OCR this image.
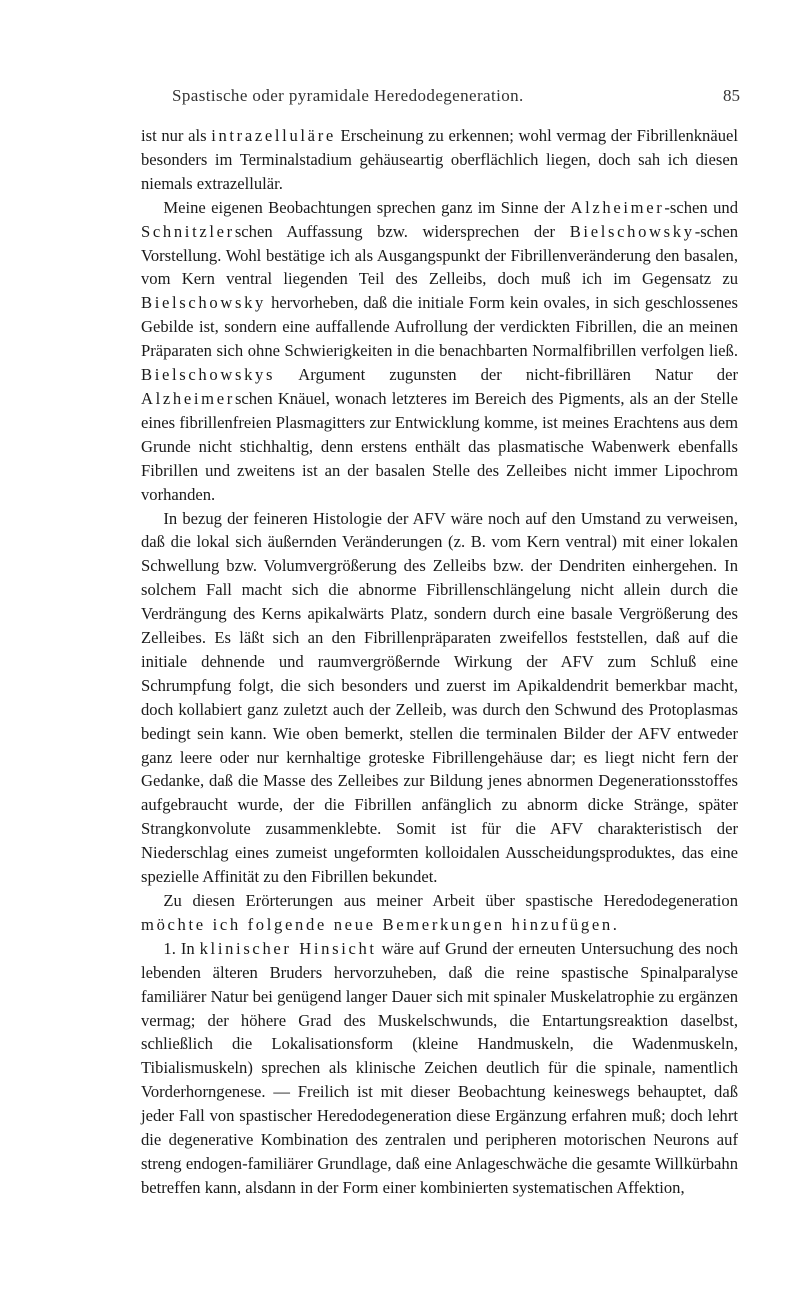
Spastische oder pyramidale Heredodegeneration.	85

ist nur als intrazelluläre Erscheinung zu erkennen; wohl vermag der Fibrillenknäuel besonders im Terminalstadium gehäuseartig oberflächlich liegen, doch sah ich diesen niemals extrazellulär.

Meine eigenen Beobachtungen sprechen ganz im Sinne der Alzheimer-schen und Schnitzlerschen Auffassung bzw. widersprechen der Bielschowsky-schen Vorstellung. Wohl bestätige ich als Ausgangspunkt der Fibrillenveränderung den basalen, vom Kern ventral liegenden Teil des Zelleibs, doch muß ich im Gegensatz zu Bielschowsky hervorheben, daß die initiale Form kein ovales, in sich geschlossenes Gebilde ist, sondern eine auffallende Aufrollung der verdickten Fibrillen, die an meinen Präparaten sich ohne Schwierigkeiten in die benachbarten Normalfibrillen verfolgen ließ. Bielschowskys Argument zugunsten der nicht-fibrillären Natur der Alzheimerschen Knäuel, wonach letzteres im Bereich des Pigments, als an der Stelle eines fibrillenfreien Plasmagitters zur Entwicklung komme, ist meines Erachtens aus dem Grunde nicht stichhaltig, denn erstens enthält das plasmatische Wabenwerk ebenfalls Fibrillen und zweitens ist an der basalen Stelle des Zelleibes nicht immer Lipochrom vorhanden.

In bezug der feineren Histologie der AFV wäre noch auf den Umstand zu verweisen, daß die lokal sich äußernden Veränderungen (z. B. vom Kern ventral) mit einer lokalen Schwellung bzw. Volumvergrößerung des Zelleibs bzw. der Dendriten einhergehen. In solchem Fall macht sich die abnorme Fibrillenschlängelung nicht allein durch die Verdrängung des Kerns apikalwärts Platz, sondern durch eine basale Vergrößerung des Zelleibes. Es läßt sich an den Fibrillenpräparaten zweifellos feststellen, daß auf die initiale dehnende und raumvergrößernde Wirkung der AFV zum Schluß eine Schrumpfung folgt, die sich besonders und zuerst im Apikaldendrit bemerkbar macht, doch kollabiert ganz zuletzt auch der Zelleib, was durch den Schwund des Protoplasmas bedingt sein kann. Wie oben bemerkt, stellen die terminalen Bilder der AFV entweder ganz leere oder nur kernhaltige groteske Fibrillengehäuse dar; es liegt nicht fern der Gedanke, daß die Masse des Zelleibes zur Bildung jenes abnormen Degenerationsstoffes aufgebraucht wurde, der die Fibrillen anfänglich zu abnorm dicke Stränge, später Strangkonvolute zusammenklebte. Somit ist für die AFV charakteristisch der Niederschlag eines zumeist ungeformten kolloidalen Ausscheidungsproduktes, das eine spezielle Affinität zu den Fibrillen bekundet.

Zu diesen Erörterungen aus meiner Arbeit über spastische Heredodegeneration möchte ich folgende neue Bemerkungen hinzufügen.

1. In klinischer Hinsicht wäre auf Grund der erneuten Untersuchung des noch lebenden älteren Bruders hervorzuheben, daß die reine spastische Spinalparalyse familiärer Natur bei genügend langer Dauer sich mit spinaler Muskelatrophie zu ergänzen vermag; der höhere Grad des Muskelschwunds, die Entartungsreaktion daselbst, schließlich die Lokalisationsform (kleine Handmuskeln, die Wadenmuskeln, Tibialismuskeln) sprechen als klinische Zeichen deutlich für die spinale, namentlich Vorderhorngenese. — Freilich ist mit dieser Beobachtung keineswegs behauptet, daß jeder Fall von spastischer Heredodegeneration diese Ergänzung erfahren muß; doch lehrt die degenerative Kombination des zentralen und peripheren motorischen Neurons auf streng endogen-familiärer Grundlage, daß eine Anlageschwäche die gesamte Willkürbahn betreffen kann, alsdann in der Form einer kombinierten systematischen Affektion,
